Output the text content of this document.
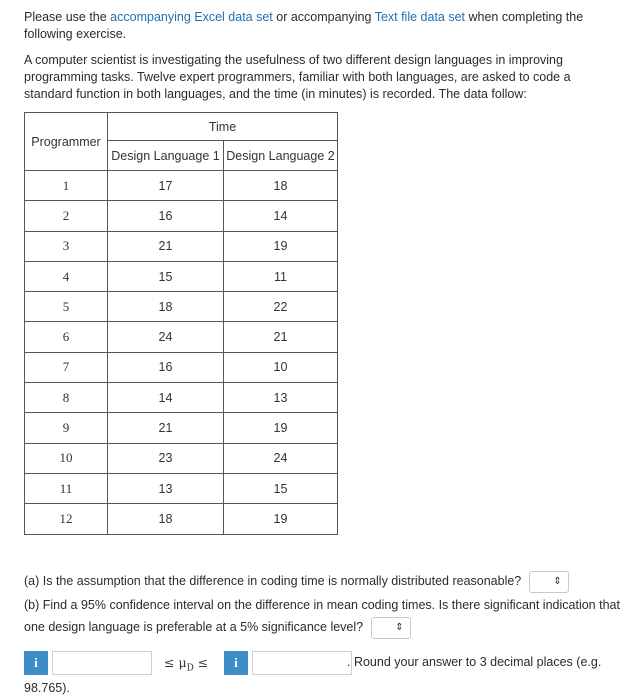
Please use the accompanying Excel data set or accompanying Text file data set when completing the following exercise.
A computer scientist is investigating the usefulness of two different design languages in improving programming tasks. Twelve expert programmers, familiar with both languages, are asked to code a standard function in both languages, and the time (in minutes) is recorded. The data follow:
Programmer	Time	
	Design Language 1	Design Language 2
1	17	18
2	16	14
3	21	19
4	15	11
5	18	22
6	24	21
7	16	10
8	14	13
9	21	19
10	23	24
11	13	15
12	18	19
(a) Is the assumption that the difference in coding time is normally distributed reasonable?	⇕
(b) Find a 95% confidence interval on the difference in mean coding times. Is there significant indication that one design language is preferable at a 5% significance level?	⇕
i	≤ $\mu_D$ ≤	i	. Round your answer to 3 decimal places (e.g.
98.765).
